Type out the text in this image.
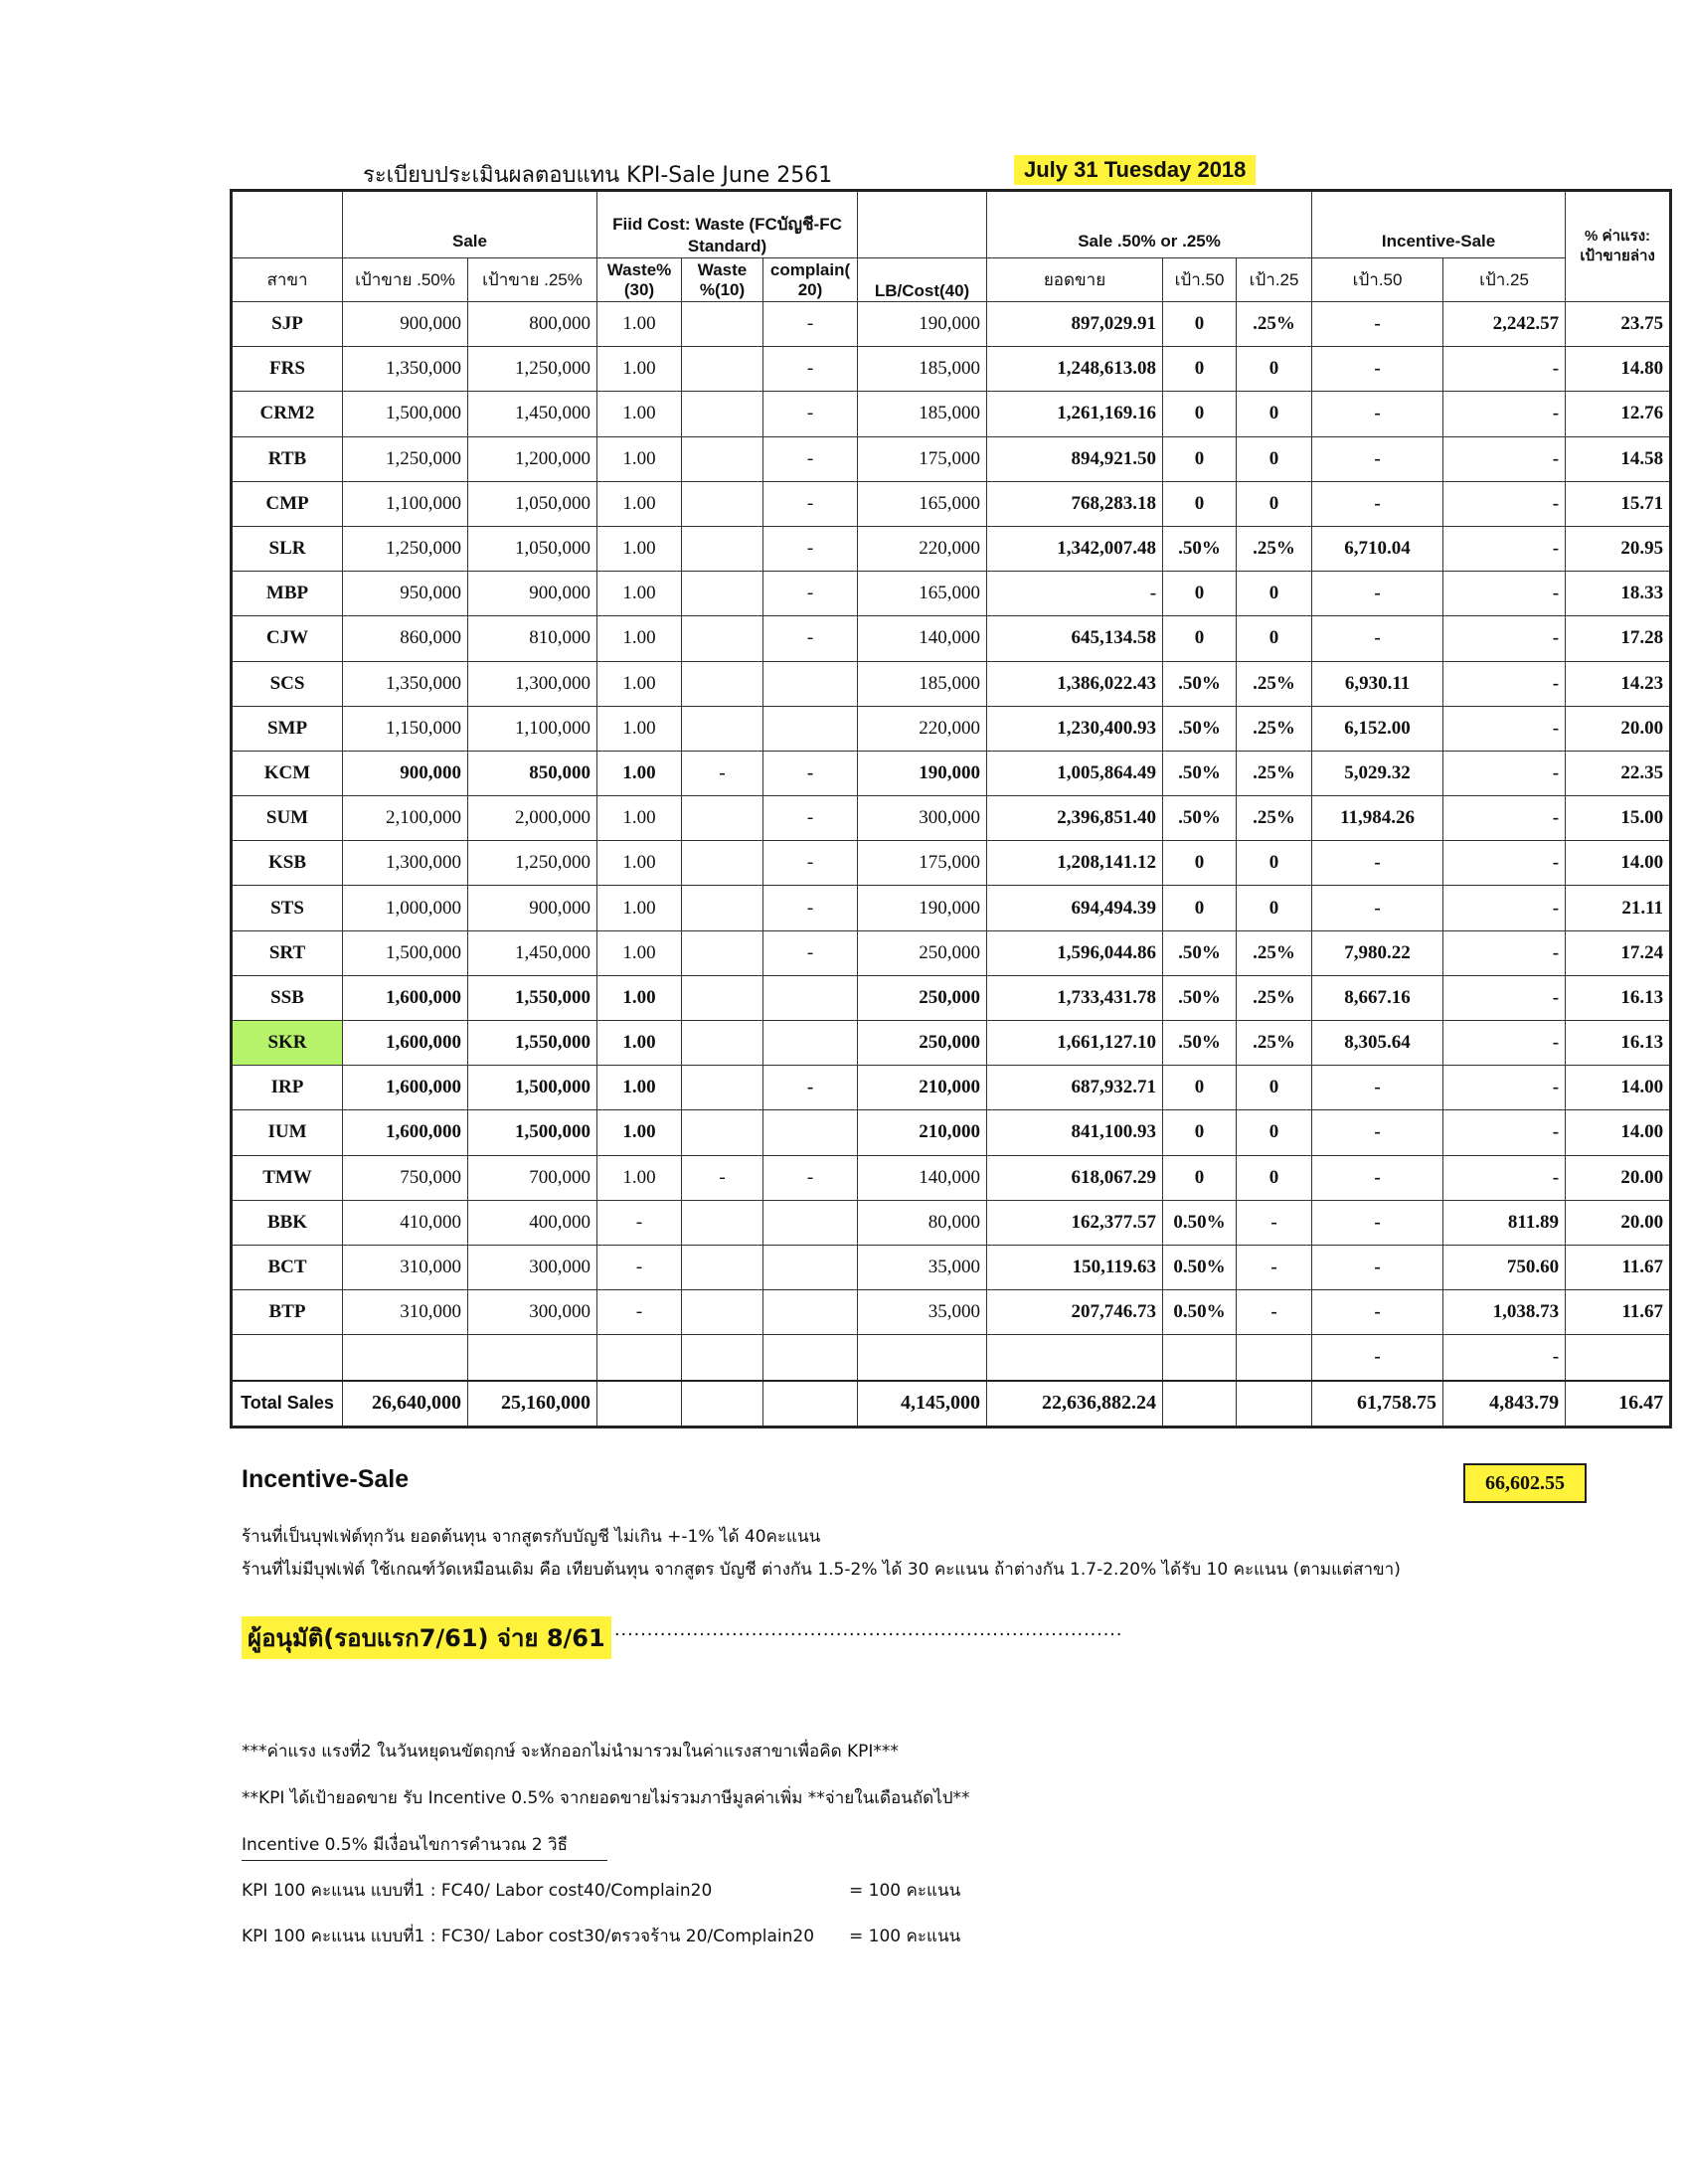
ระเบียบประเมินผลตอบแทน KPI-Sale June 2561	July 31 Tuesday 2018
	Sale		Fiid Cost: Waste (FCบัญชี-FC Standard)				Sale .50% or .25%			Incentive-Sale		% ค่าแรง: เป้าขายล่าง
สาขา	เป้าขาย .50%	เป้าขาย .25%	Waste% (30)	Waste %(10)	complain( 20)	LB/Cost(40)	ยอดขาย	เป้า.50	เป้า.25	เป้า.50	เป้า.25	
SJP	900,000	800,000	1.00		-	190,000	897,029.91	0	.25%	-	2,242.57	23.75
FRS	1,350,000	1,250,000	1.00		-	185,000	1,248,613.08	0	0	-	-	14.80
CRM2	1,500,000	1,450,000	1.00		-	185,000	1,261,169.16	0	0	-	-	12.76
RTB	1,250,000	1,200,000	1.00		-	175,000	894,921.50	0	0	-	-	14.58
CMP	1,100,000	1,050,000	1.00		-	165,000	768,283.18	0	0	-	-	15.71
SLR	1,250,000	1,050,000	1.00		-	220,000	1,342,007.48	.50%	.25%	6,710.04	-	20.95
MBP	950,000	900,000	1.00		-	165,000	-	0	0	-	-	18.33
CJW	860,000	810,000	1.00		-	140,000	645,134.58	0	0	-	-	17.28
SCS	1,350,000	1,300,000	1.00			185,000	1,386,022.43	.50%	.25%	6,930.11	-	14.23
SMP	1,150,000	1,100,000	1.00			220,000	1,230,400.93	.50%	.25%	6,152.00	-	20.00
KCM	900,000	850,000	1.00	-	-	190,000	1,005,864.49	.50%	.25%	5,029.32	-	22.35
SUM	2,100,000	2,000,000	1.00		-	300,000	2,396,851.40	.50%	.25%	11,984.26	-	15.00
KSB	1,300,000	1,250,000	1.00		-	175,000	1,208,141.12	0	0	-	-	14.00
STS	1,000,000	900,000	1.00		-	190,000	694,494.39	0	0	-	-	21.11
SRT	1,500,000	1,450,000	1.00		-	250,000	1,596,044.86	.50%	.25%	7,980.22	-	17.24
SSB	1,600,000	1,550,000	1.00			250,000	1,733,431.78	.50%	.25%	8,667.16	-	16.13
SKR	1,600,000	1,550,000	1.00			250,000	1,661,127.10	.50%	.25%	8,305.64	-	16.13
IRP	1,600,000	1,500,000	1.00		-	210,000	687,932.71	0	0	-	-	14.00
IUM	1,600,000	1,500,000	1.00			210,000	841,100.93	0	0	-	-	14.00
TMW	750,000	700,000	1.00	-	-	140,000	618,067.29	0	0	-	-	20.00
BBK	410,000	400,000	-			80,000	162,377.57	0.50%	-	-	811.89	20.00
BCT	310,000	300,000	-			35,000	150,119.63	0.50%	-	-	750.60	11.67
BTP	310,000	300,000	-			35,000	207,746.73	0.50%	-	-	1,038.73	11.67
										-	-	
Total Sales	26,640,000	25,160,000				4,145,000	22,636,882.24			61,758.75	4,843.79	16.47
Incentive-Sale	66,602.55
ร้านที่เป็นบุฟเฟ่ต์ทุกวัน ยอดต้นทุน จากสูตรกับบัญชี ไม่เกิน +-1% ได้ 40คะแนน
ร้านที่ไม่มีบุฟเฟ่ต์ ใช้เกณฑ์วัดเหมือนเดิม คือ เทียบต้นทุน จากสูตร บัญชี ต่างกัน 1.5-2% ได้ 30 คะแนน ถ้าต่างกัน 1.7-2.20% ได้รับ 10 คะแนน (ตามแต่สาขา)
ผู้อนุมัติ(รอบแรก7/61) จ่าย 8/61 ..............................................................................
***ค่าแรง แรงที่2 ในวันหยุดนขัตฤกษ์ จะหักออกไม่นำมารวมในค่าแรงสาขาเพื่อคิด KPI***
**KPI ได้เป้ายอดขาย รับ Incentive 0.5% จากยอดขายไม่รวมภาษีมูลค่าเพิ่ม **จ่ายในเดือนถัดไป**
Incentive 0.5% มีเงื่อนไขการคำนวณ 2 วิธี
KPI 100 คะแนน แบบที่1 : FC40/ Labor cost40/Complain20	= 100 คะแนน
KPI 100 คะแนน แบบที่1 : FC30/ Labor cost30/ตรวจร้าน 20/Complain20 = 100 คะแนน
